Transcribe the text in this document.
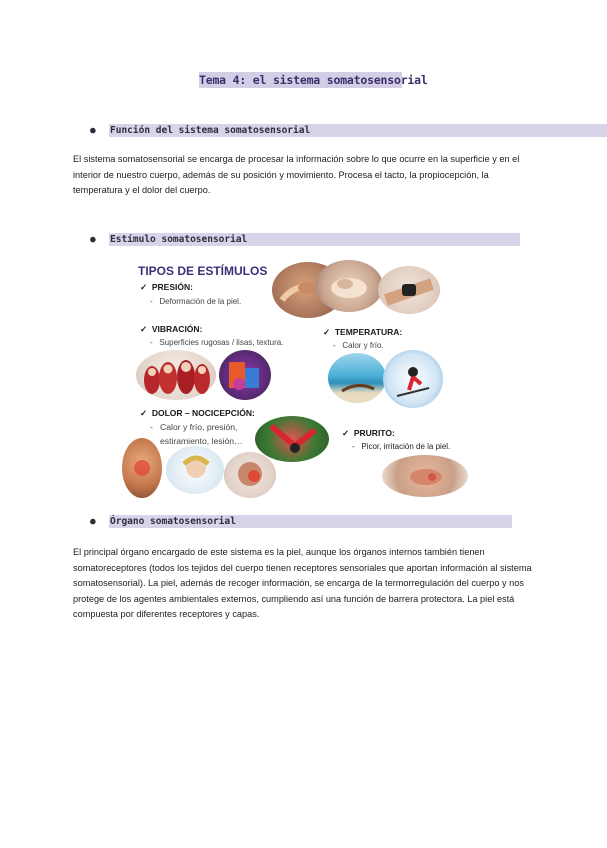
Tema 4: el sistema somatosensorial
● Función del sistema somatosensorial
El sistema somatosensorial se encarga de procesar la información sobre lo que ocurre en la superficie y en el interior de nuestro cuerpo, además de su posición y movimiento. Procesa el tacto, la propiocepción, la temperatura y el dolor del cuerpo.
● Estímulo somatosensorial
TIPOS DE ESTÍMULOS
✓ PRESIÓN:
- Deformación de la piel.
✓ VIBRACIÓN:
- Superficies rugosas / lisas, textura.
✓ TEMPERATURA:
- Calor y frío.
✓ DOLOR – NOCICEPCIÓN:
- Calor y frío, presión,
estiramiento, lesión…
✓ PRURITO:
- Picor, irritación de la piel.
● Órgano somatosensorial
El principal órgano encargado de este sistema es la piel, aunque los órganos internos también tienen somatoreceptores (todos los tejidos del cuerpo tienen receptores sensoriales que aportan información al sistema somatosensorial). La piel, además de recoger información, se encarga de la termorregulación del cuerpo y nos protege de los agentes ambientales externos, cumpliendo así una función de barrera protectora. La piel está compuesta por diferentes receptores y capas.
